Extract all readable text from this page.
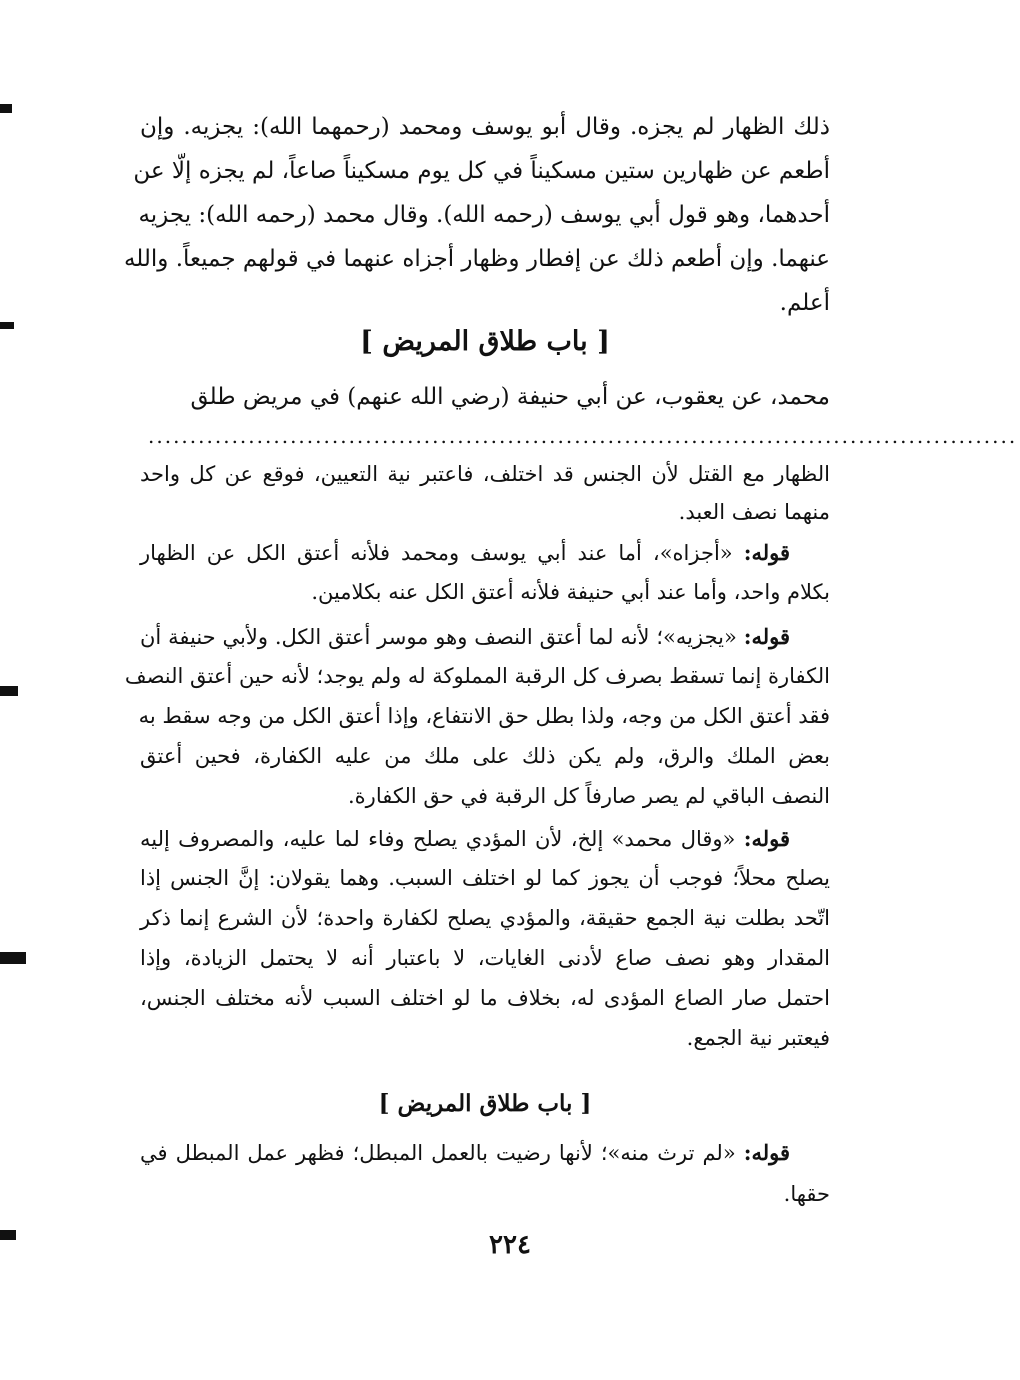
ذلك الظهار لم يجزه. وقال أبو يوسف ومحمد (رحمهما الله): يجزيه. وإن
أطعم عن ظهارين ستين مسكيناً في كل يوم مسكيناً صاعاً، لم يجزه إلّا عن
أحدهما، وهو قول أبي يوسف (رحمه الله). وقال محمد (رحمه الله): يجزيه
عنهما. وإن أطعم ذلك عن إفطار وظهار أجزاه عنهما في قولهم جميعاً. والله
أعلم.
[ باب طلاق المريض ]
محمد، عن يعقوب، عن أبي حنيفة (رضي الله عنهم) في مريض طلق
........................................................................................................
الظهار مع القتل لأن الجنس قد اختلف، فاعتبر نية التعيين، فوقع عن كل واحد
منهما نصف العبد.
قوله: «أجزاه»، أما عند أبي يوسف ومحمد فلأنه أعتق الكل عن الظهار
بكلام واحد، وأما عند أبي حنيفة فلأنه أعتق الكل عنه بكلامين.
قوله: «يجزيه»؛ لأنه لما أعتق النصف وهو موسر أعتق الكل. ولأبي حنيفة أن
الكفارة إنما تسقط بصرف كل الرقبة المملوكة له ولم يوجد؛ لأنه حين أعتق النصف
فقد أعتق الكل من وجه، ولذا بطل حق الانتفاع، وإذا أعتق الكل من وجه سقط به
بعض الملك والرق، ولم يكن ذلك على ملك من عليه الكفارة، فحين أعتق
النصف الباقي لم يصر صارفاً كل الرقبة في حق الكفارة.
قوله: «وقال محمد» إلخ، لأن المؤدي يصلح وفاء لما عليه، والمصروف إليه
يصلح محلاً؛ فوجب أن يجوز كما لو اختلف السبب. وهما يقولان: إنَّ الجنس إذا
اتّحد بطلت نية الجمع حقيقة، والمؤدي يصلح لكفارة واحدة؛ لأن الشرع إنما ذكر
المقدار وهو نصف صاع لأدنى الغايات، لا باعتبار أنه لا يحتمل الزيادة، وإذا
احتمل صار الصاع المؤدى له، بخلاف ما لو اختلف السبب لأنه مختلف الجنس،
فيعتبر نية الجمع.
[ باب طلاق المريض ]
قوله: «لم ترث منه»؛ لأنها رضيت بالعمل المبطل؛ فظهر عمل المبطل في
حقها.
٢٢٤
